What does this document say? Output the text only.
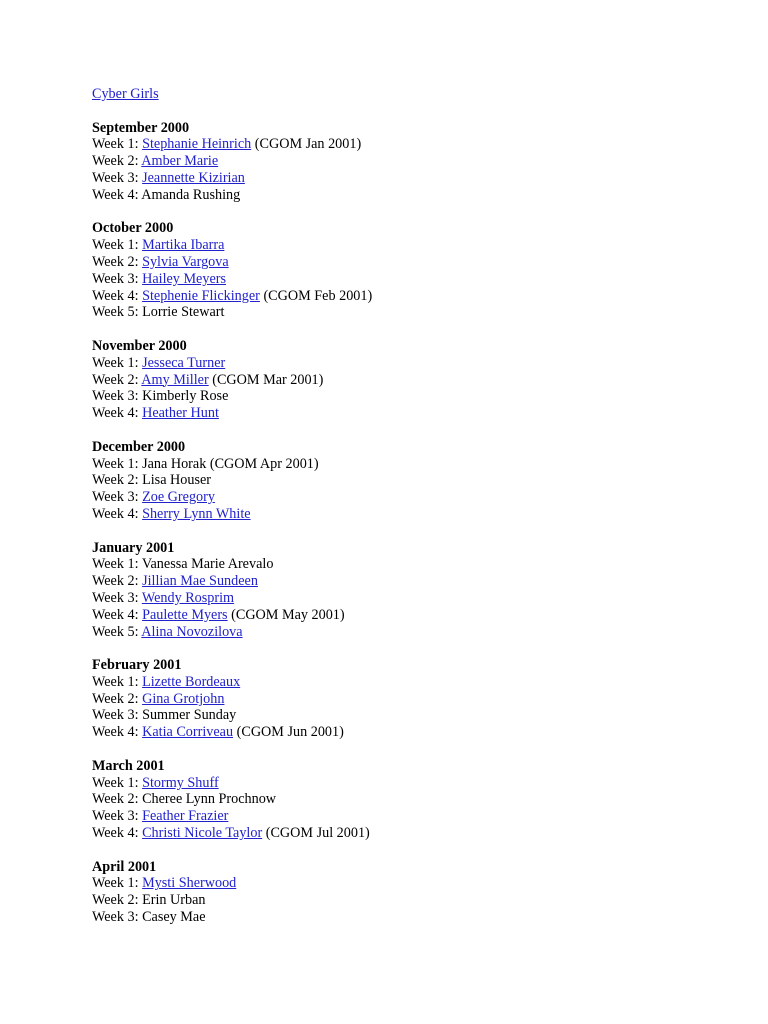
Cyber Girls
September 2000
Week 1: Stephanie Heinrich (CGOM Jan 2001)
Week 2: Amber Marie
Week 3: Jeannette Kizirian
Week 4: Amanda Rushing
October 2000
Week 1: Martika Ibarra
Week 2: Sylvia Vargova
Week 3: Hailey Meyers
Week 4: Stephenie Flickinger (CGOM Feb 2001)
Week 5: Lorrie Stewart
November 2000
Week 1: Jesseca Turner
Week 2: Amy Miller (CGOM Mar 2001)
Week 3: Kimberly Rose
Week 4: Heather Hunt
December 2000
Week 1: Jana Horak (CGOM Apr 2001)
Week 2: Lisa Houser
Week 3: Zoe Gregory
Week 4: Sherry Lynn White
January 2001
Week 1: Vanessa Marie Arevalo
Week 2: Jillian Mae Sundeen
Week 3: Wendy Rosprim
Week 4: Paulette Myers (CGOM May 2001)
Week 5: Alina Novozilova
February 2001
Week 1: Lizette Bordeaux
Week 2: Gina Grotjohn
Week 3: Summer Sunday
Week 4: Katia Corriveau (CGOM Jun 2001)
March 2001
Week 1: Stormy Shuff
Week 2: Cheree Lynn Prochnow
Week 3: Feather Frazier
Week 4: Christi Nicole Taylor (CGOM Jul 2001)
April 2001
Week 1: Mysti Sherwood
Week 2: Erin Urban
Week 3: Casey Mae
